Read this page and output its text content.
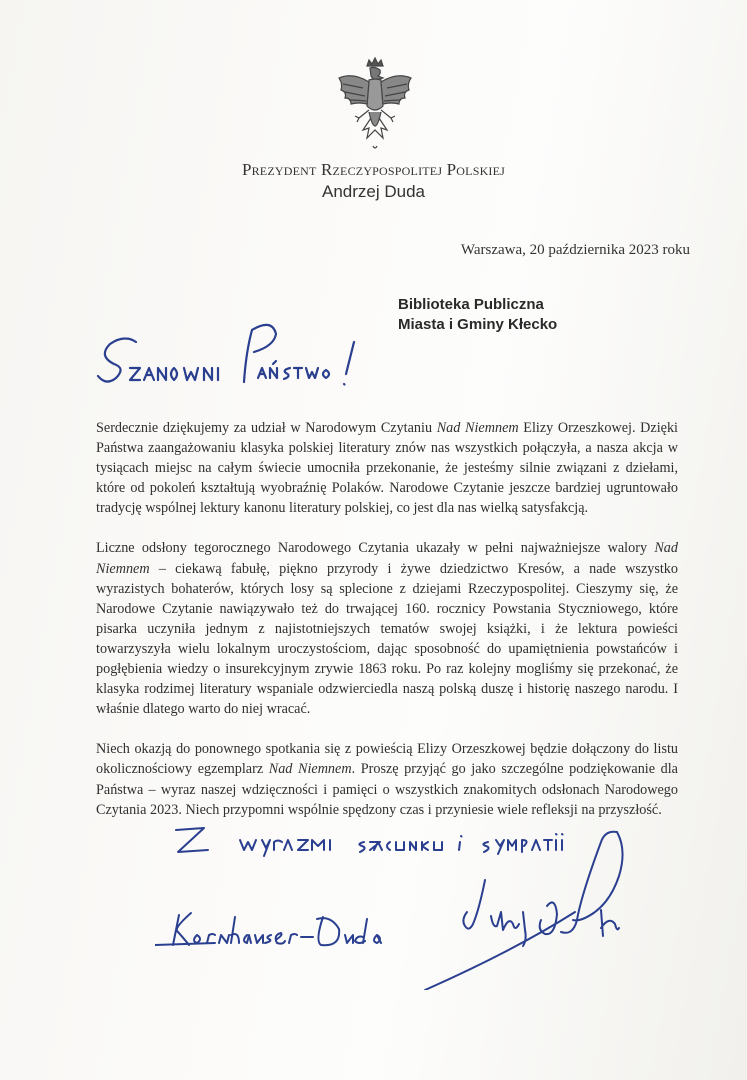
Prezydent Rzeczypospolitej Polskiej
Andrzej Duda
Warszawa, 20 października 2023 roku
Biblioteka Publiczna
Miasta i Gminy Kłecko

Serdecznie dziękujemy za udział w Narodowym Czytaniu Nad Niemnem Elizy Orzeszkowej. Dzięki Państwa zaangażowaniu klasyka polskiej literatury znów nas wszystkich połączyła, a nasza akcja w tysiącach miejsc na całym świecie umocniła przekonanie, że jesteśmy silnie związani z dziełami, które od pokoleń kształtują wyobraźnię Polaków. Narodowe Czytanie jeszcze bardziej ugruntowało tradycję wspólnej lektury kanonu literatury polskiej, co jest dla nas wielką satysfakcją.

Liczne odsłony tegorocznego Narodowego Czytania ukazały w pełni najważniejsze walory Nad Niemnem – ciekawą fabułę, piękno przyrody i żywe dziedzictwo Kresów, a nade wszystko wyrazistych bohaterów, których losy są splecione z dziejami Rzeczypospolitej. Cieszymy się, że Narodowe Czytanie nawiązywało też do trwającej 160. rocznicy Powstania Styczniowego, które pisarka uczyniła jednym z najistotniejszych tematów swojej książki, i że lektura powieści towarzyszyła wielu lokalnym uroczystościom, dając sposobność do upamiętnienia powstańców i pogłębienia wiedzy o insurekcyjnym zrywie 1863 roku. Po raz kolejny mogliśmy się przekonać, że klasyka rodzimej literatury wspaniale odzwierciedla naszą polską duszę i historię naszego narodu. I właśnie dlatego warto do niej wracać.

Niech okazją do ponownego spotkania się z powieścią Elizy Orzeszkowej będzie dołączony do listu okolicznościowy egzemplarz Nad Niemnem. Proszę przyjąć go jako szczególne podziękowanie dla Państwa – wyraz naszej wdzięczności i pamięci o wszystkich znakomitych odsłonach Narodowego Czytania 2023. Niech przypomni wspólnie spędzony czas i przyniesie wiele refleksji na przyszłość.
